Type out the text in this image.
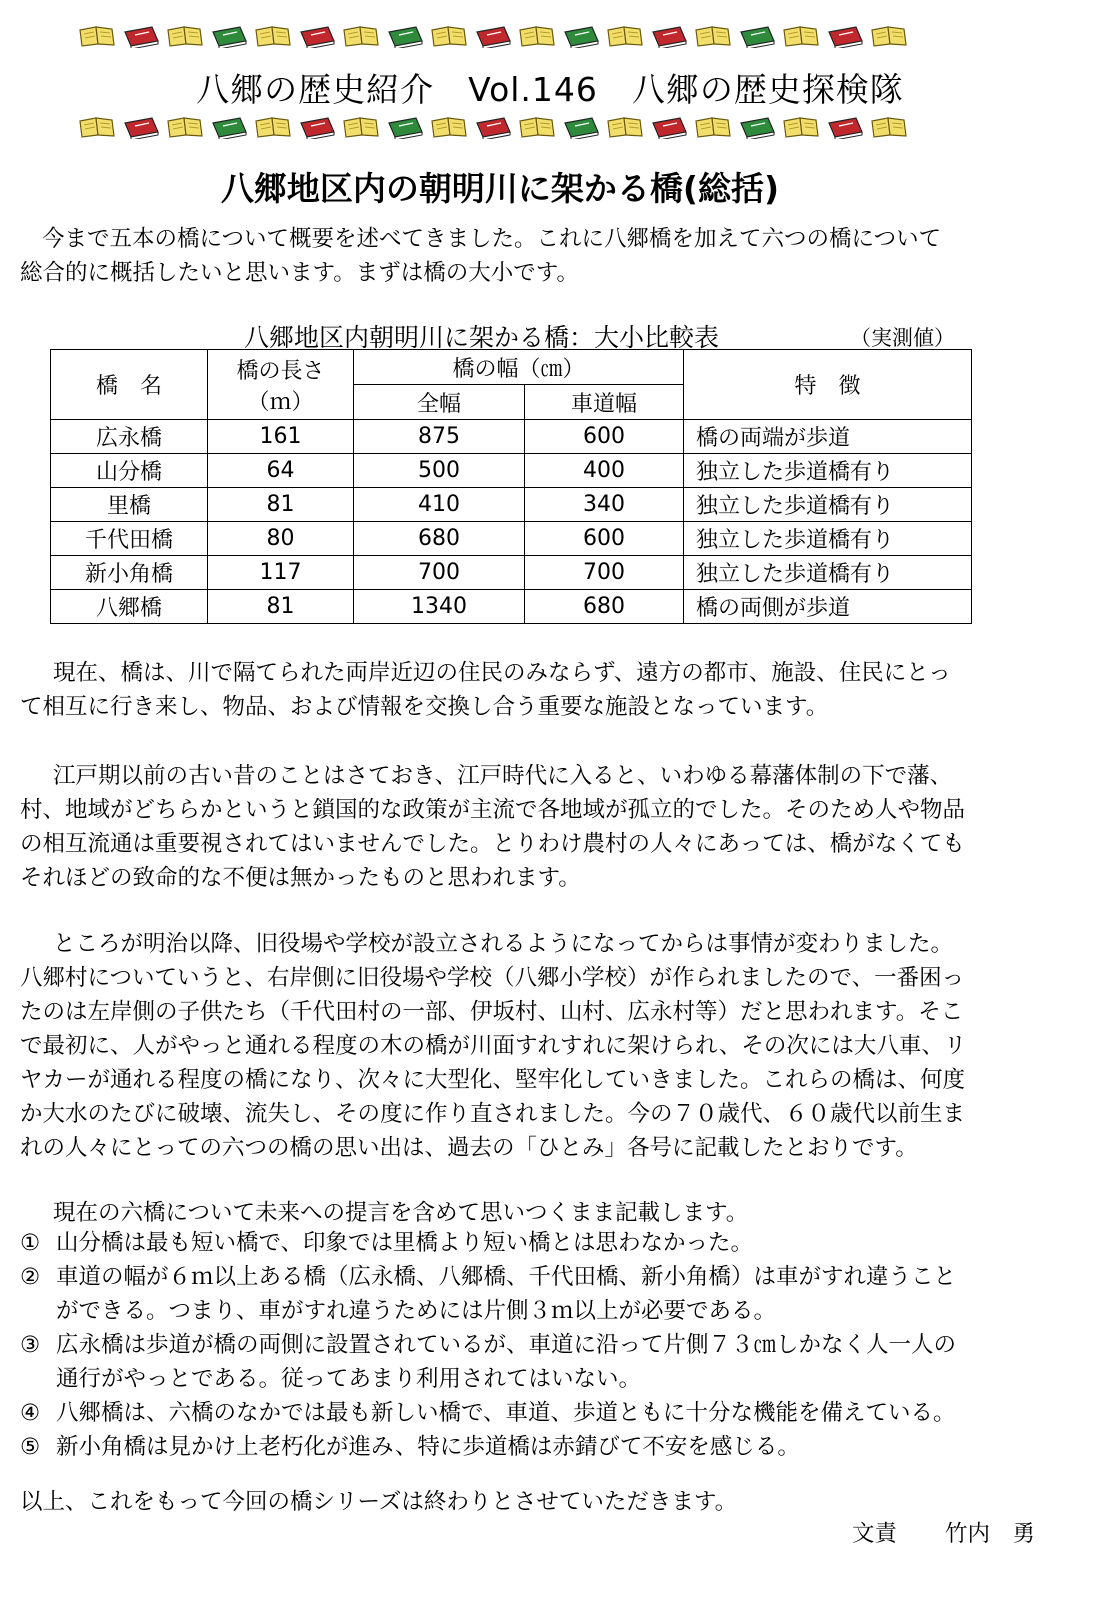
八郷の歴史紹介 Vol.146 八郷の歴史探検隊
八郷地区内の朝明川に架かる橋(総括)
今まで五本の橋について概要を述べてきました。これに八郷橋を加えて六つの橋について
総合的に概括したいと思います。まずは橋の大小です。
八郷地区内朝明川に架かる橋：大小比較表	（実測値）
橋　名	橋の長さ
（ｍ）	橋の幅（㎝）		特　徴
		全幅	車道幅	
広永橋	161	875	600	橋の両端が歩道
山分橋	64	500	400	独立した歩道橋有り
里橋	81	410	340	独立した歩道橋有り
千代田橋	80	680	600	独立した歩道橋有り
新小角橋	117	700	700	独立した歩道橋有り
八郷橋	81	1340	680	橋の両側が歩道
現在、橋は、川で隔てられた両岸近辺の住民のみならず、遠方の都市、施設、住民にとっ
て相互に行き来し、物品、および情報を交換し合う重要な施設となっています。
江戸期以前の古い昔のことはさておき、江戸時代に入ると、いわゆる幕藩体制の下で藩、
村、地域がどちらかというと鎖国的な政策が主流で各地域が孤立的でした。そのため人や物品
の相互流通は重要視されてはいませんでした。とりわけ農村の人々にあっては、橋がなくても
それほどの致命的な不便は無かったものと思われます。
ところが明治以降、旧役場や学校が設立されるようになってからは事情が変わりました。
八郷村についていうと、右岸側に旧役場や学校（八郷小学校）が作られましたので、一番困っ
たのは左岸側の子供たち（千代田村の一部、伊坂村、山村、広永村等）だと思われます。そこ
で最初に、人がやっと通れる程度の木の橋が川面すれすれに架けられ、その次には大八車、リ
ヤカーが通れる程度の橋になり、次々に大型化、堅牢化していきました。これらの橋は、何度
か大水のたびに破壊、流失し、その度に作り直されました。今の７０歳代、６０歳代以前生ま
れの人々にとっての六つの橋の思い出は、過去の「ひとみ」各号に記載したとおりです。
現在の六橋について未来への提言を含めて思いつくまま記載します。
① 山分橋は最も短い橋で、印象では里橋より短い橋とは思わなかった。
② 車道の幅が６ｍ以上ある橋（広永橋、八郷橋、千代田橋、新小角橋）は車がすれ違うこと
ができる。つまり、車がすれ違うためには片側３ｍ以上が必要である。
③ 広永橋は歩道が橋の両側に設置されているが、車道に沿って片側７３㎝しかなく人一人の
通行がやっとである。従ってあまり利用されてはいない。
④ 八郷橋は、六橋のなかでは最も新しい橋で、車道、歩道ともに十分な機能を備えている。
⑤ 新小角橋は見かけ上老朽化が進み、特に歩道橋は赤錆びて不安を感じる。
以上、これをもって今回の橋シリーズは終わりとさせていただきます。
文責 竹内　勇
